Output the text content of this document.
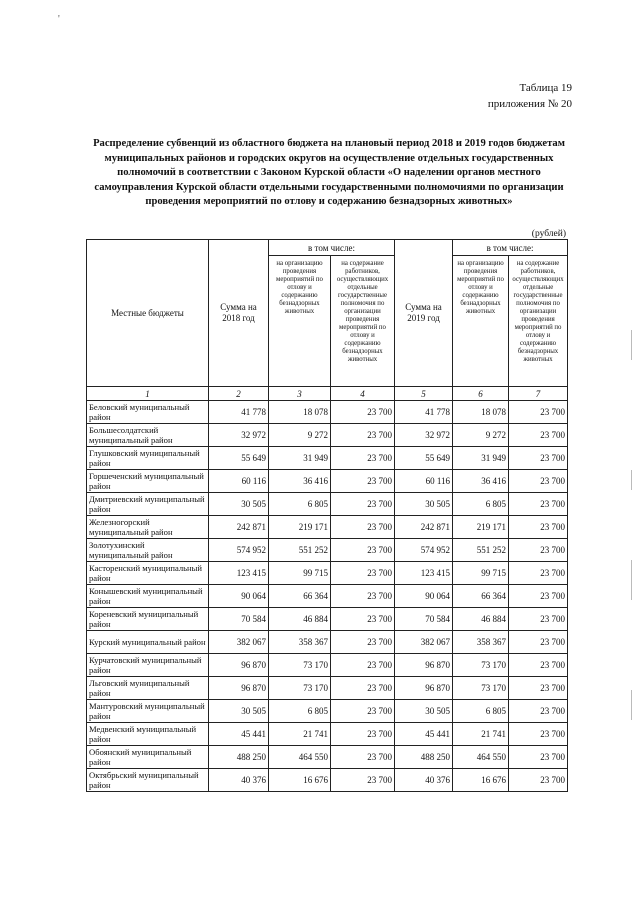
'
Таблица 19
приложения № 20
Распределение субвенций из областного бюджета на плановый период 2018 и 2019 годов бюджетам муниципальных районов и городских округов на осуществление отдельных государственных полномочий в соответствии с Законом Курской области «О наделении органов местного самоуправления Курской области отдельными государственными полномочиями по организации проведения мероприятий по отлову и содержанию безнадзорных животных»
(рублей)
Местные бюджеты	Сумма на 2018 год	в том числе:		Сумма на 2019 год	в том числе:	
		на организацию проведения мероприятий по отлову и содержанию безнадзорных животных	на содержание работников, осуществляющих отдельные государственные полномочия по организации проведения мероприятий по отлову и содержанию безнадзорных животных		на организацию проведения мероприятий по отлову и содержанию безнадзорных животных	на содержание работников, осуществляющих отдельные государственные полномочия по организации проведения мероприятий по отлову и содержанию безнадзорных животных
1	2	3	4	5	6	7
Беловский муниципальный район	41 778	18 078	23 700	41 778	18 078	23 700
Большесолдатский муниципальный район	32 972	9 272	23 700	32 972	9 272	23 700
Глушковский муниципальный район	55 649	31 949	23 700	55 649	31 949	23 700
Горшеченский муниципальный район	60 116	36 416	23 700	60 116	36 416	23 700
Дмитриевский муниципальный район	30 505	6 805	23 700	30 505	6 805	23 700
Железногорский муниципальный район	242 871	219 171	23 700	242 871	219 171	23 700
Золотухинский муниципальный район	574 952	551 252	23 700	574 952	551 252	23 700
Касторенский муниципальный район	123 415	99 715	23 700	123 415	99 715	23 700
Конышевский муниципальный район	90 064	66 364	23 700	90 064	66 364	23 700
Кореневский муниципальный район	70 584	46 884	23 700	70 584	46 884	23 700
Курский муниципальный район	382 067	358 367	23 700	382 067	358 367	23 700
Курчатовский муниципальный район	96 870	73 170	23 700	96 870	73 170	23 700
Льговский муниципальный район	96 870	73 170	23 700	96 870	73 170	23 700
Мантуровский муниципальный район	30 505	6 805	23 700	30 505	6 805	23 700
Медвенский муниципальный район	45 441	21 741	23 700	45 441	21 741	23 700
Обоянский муниципальный район	488 250	464 550	23 700	488 250	464 550	23 700
Октябрьский муниципальный район	40 376	16 676	23 700	40 376	16 676	23 700
